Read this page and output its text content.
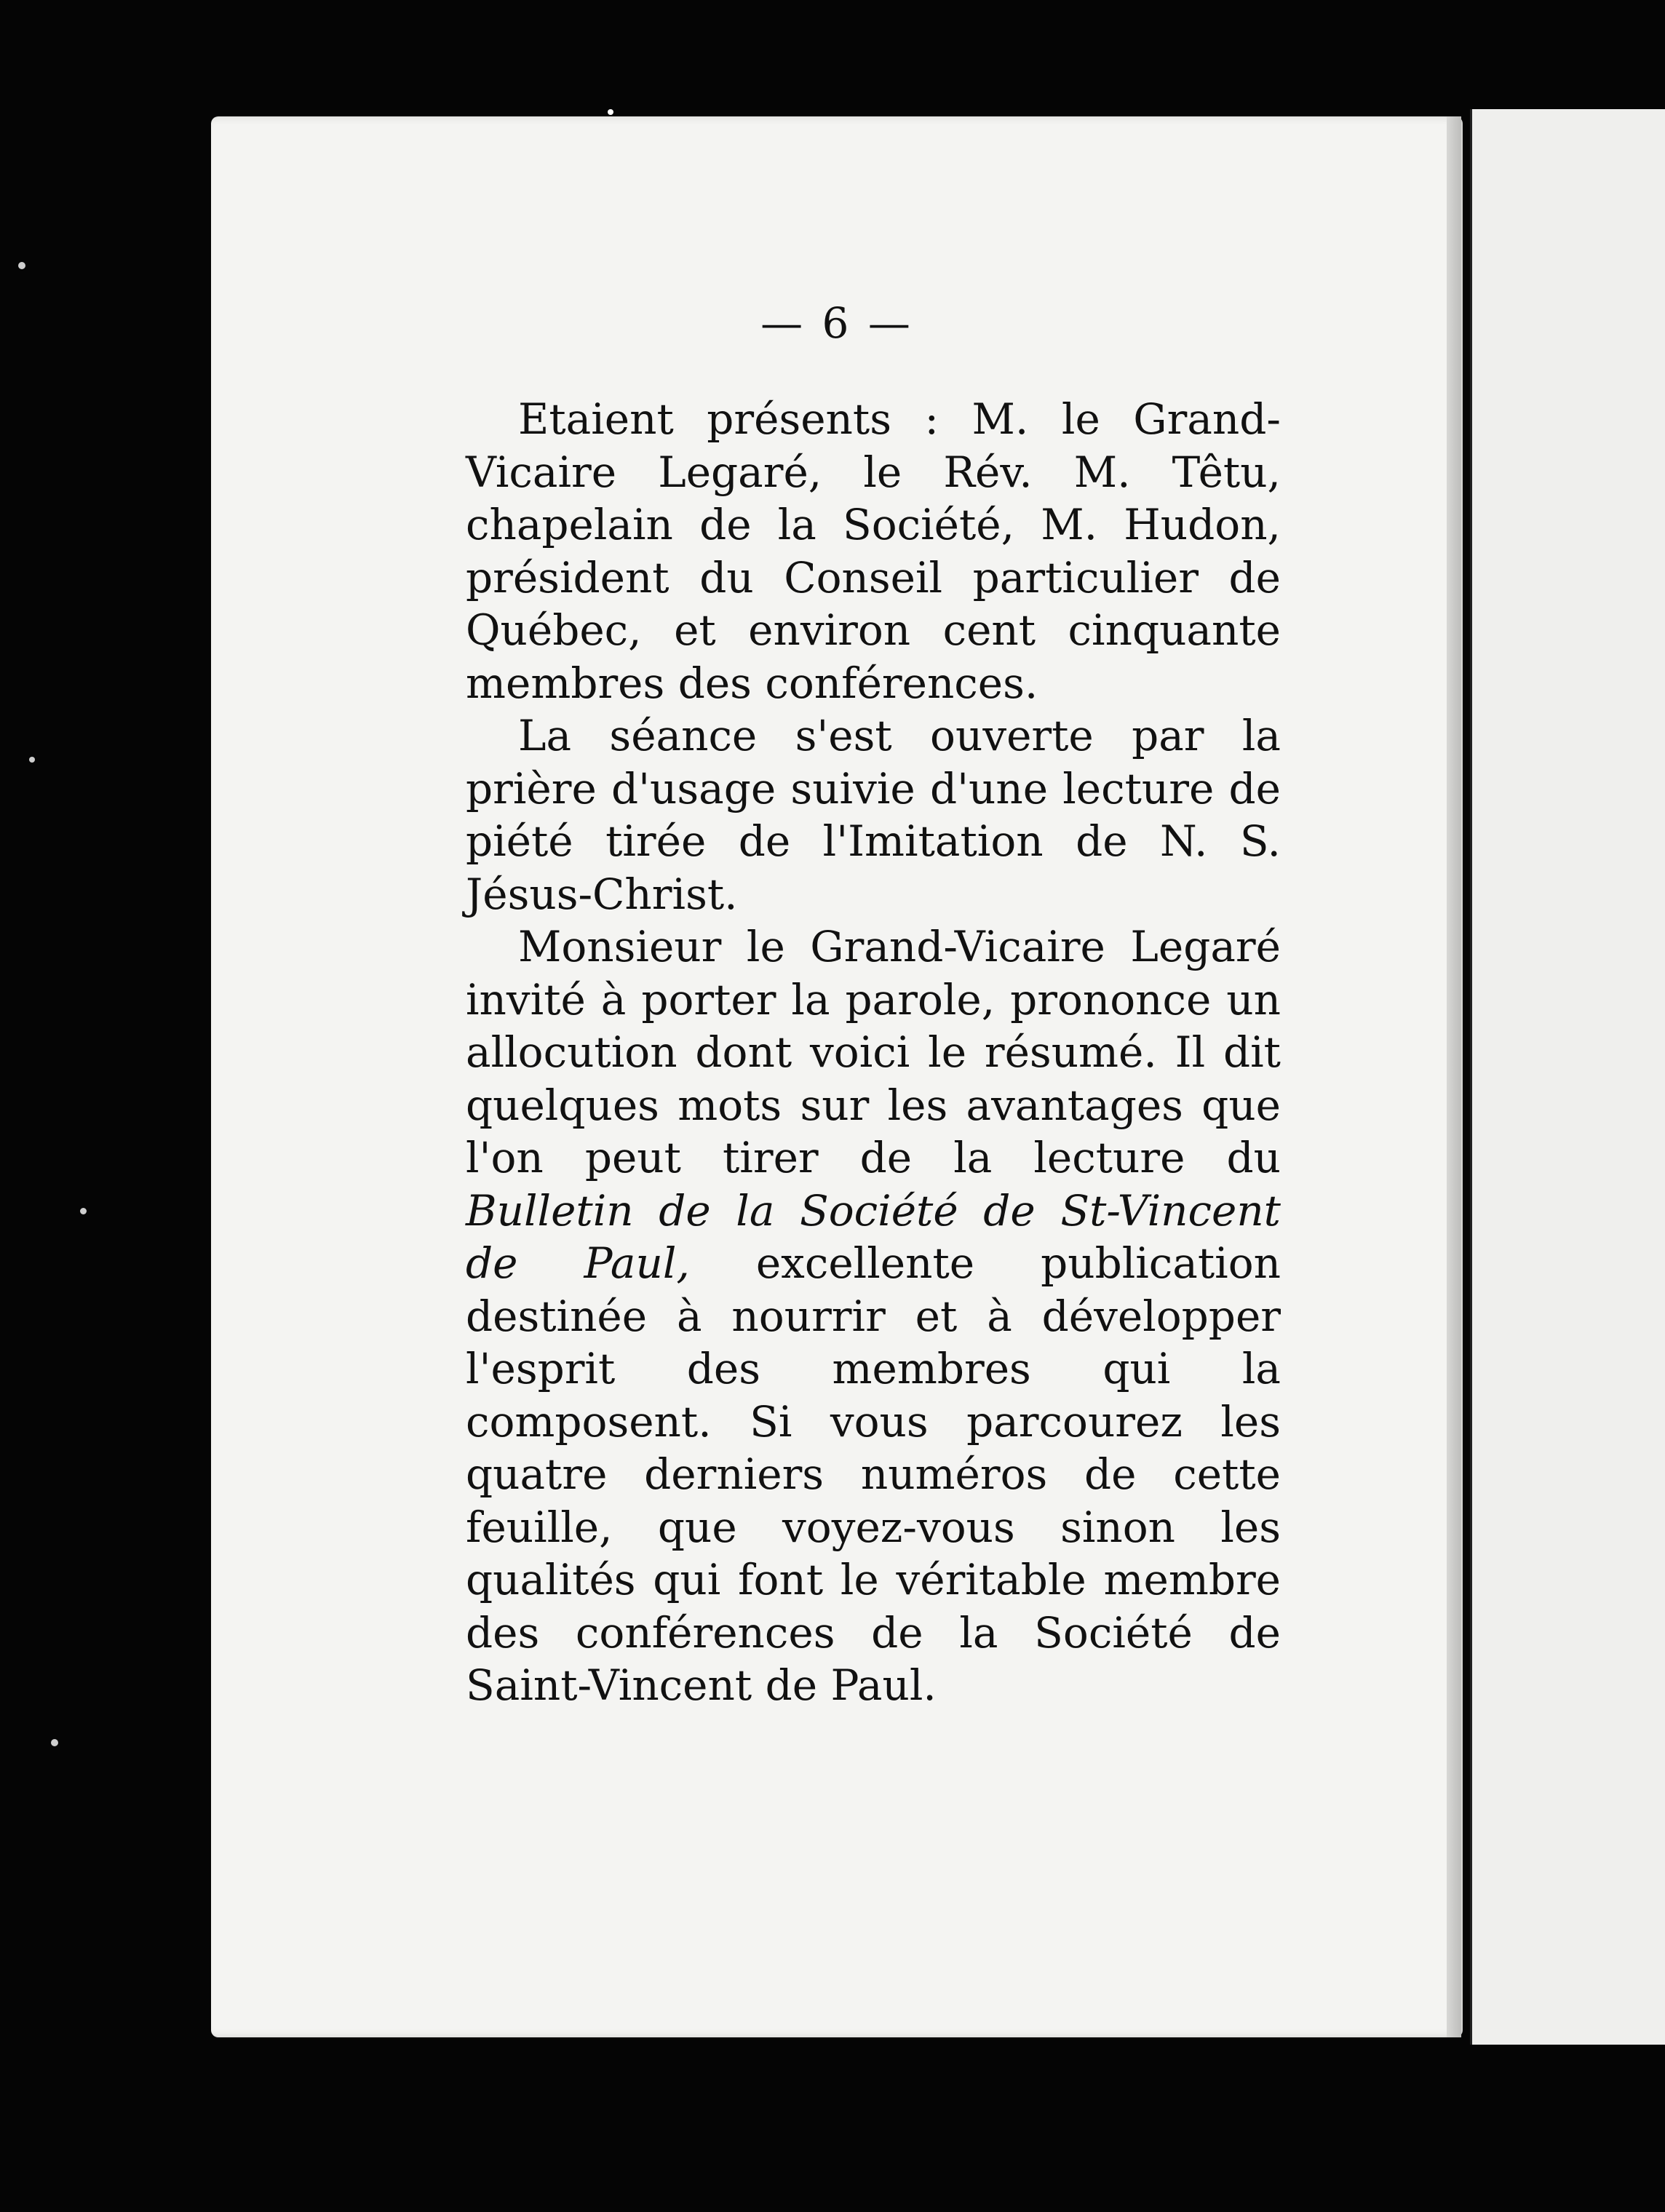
— 6 —

Etaient présents : M. le Grand-Vicaire Legaré, le Rév. M. Têtu, chapelain de la Société, M. Hudon, président du Conseil particulier de Québec, et environ cent cinquante membres des conférences.

La séance s'est ouverte par la prière d'usage suivie d'une lecture de piété tirée de l'Imitation de N. S. Jésus-Christ.

Monsieur le Grand-Vicaire Legaré invité à porter la parole, prononce un allocution dont voici le résumé. Il dit quelques mots sur les avantages que l'on peut tirer de la lecture du Bulletin de la Société de St-Vincent de Paul, excellente publication destinée à nourrir et à développer l'esprit des membres qui la composent. Si vous parcourez les quatre derniers numéros de cette feuille, que voyez-vous sinon les qualités qui font le véritable membre des conférences de la Société de Saint-Vincent de Paul.
